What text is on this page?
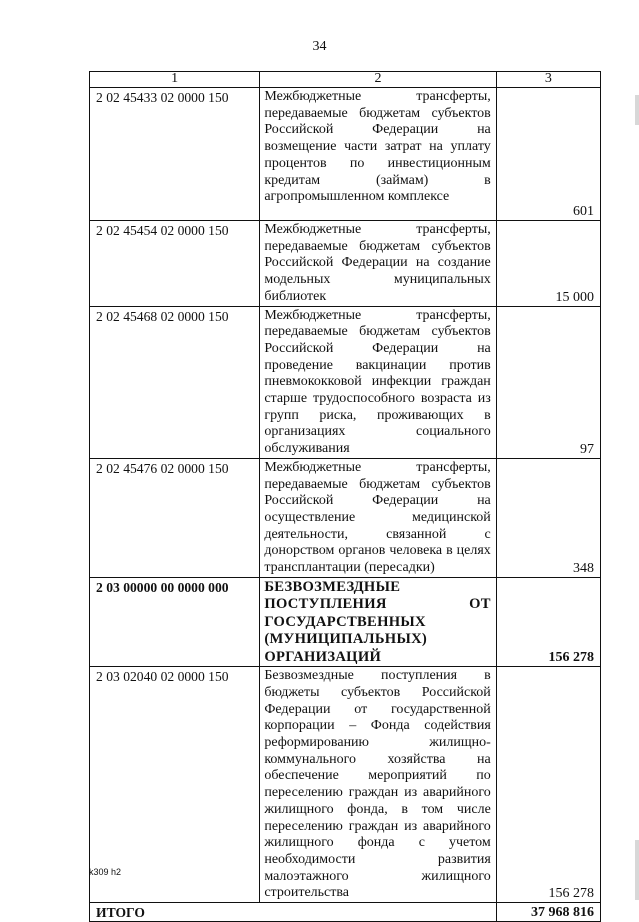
34
1	2	3
2 02 45433 02 0000 150	Межбюджетные трансферты, передаваемые бюджетам субъектов Российской Федерации на возмещение части затрат на уплату процентов по инвестиционным кредитам (займам) в агропромышленном комплексе	601
2 02 45454 02 0000 150	Межбюджетные трансферты, передаваемые бюджетам субъектов Российской Федерации на создание модельных муниципальных библиотек	15 000
2 02 45468 02 0000 150	Межбюджетные трансферты, передаваемые бюджетам субъектов Российской Федерации на проведение вакцинации против пневмококковой инфекции граждан старше трудоспособного возраста из групп риска, проживающих в организациях социального обслуживания	97
2 02 45476 02 0000 150	Межбюджетные трансферты, передаваемые бюджетам субъектов Российской Федерации на осуществление медицинской деятельности, связанной с донорством органов человека в целях трансплантации (пересадки)	348
2 03 00000 00 0000 000	БЕЗВОЗМЕЗДНЫЕ ПОСТУПЛЕНИЯ ОТ ГОСУДАРСТВЕННЫХ (МУНИЦИПАЛЬНЫХ) ОРГАНИЗАЦИЙ	156 278
2 03 02040 02 0000 150	Безвозмездные поступления в бюджеты субъектов Российской Федерации от государственной корпорации – Фонда содействия реформированию жилищно-коммунального хозяйства на обеспечение мероприятий по переселению граждан из аварийного жилищного фонда, в том числе переселению граждан из аварийного жилищного фонда с учетом необходимости развития малоэтажного жилищного строительства	156 278
ИТОГО		37 968 816
k309 h2
